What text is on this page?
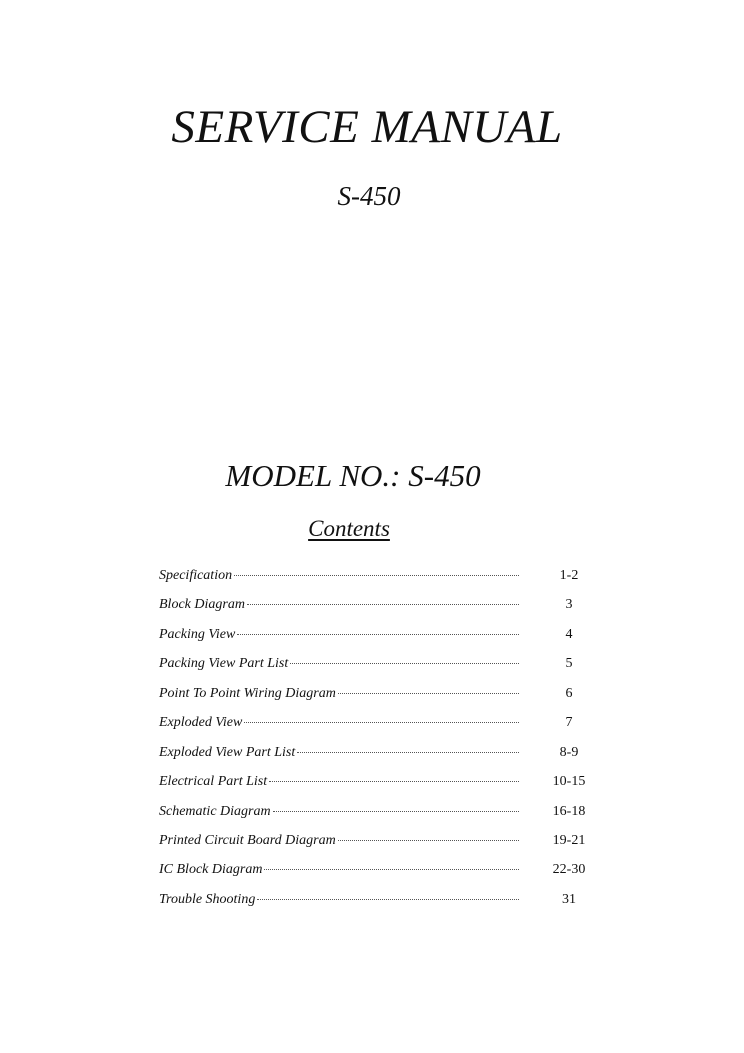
SERVICE MANUAL
S-450
MODEL NO.: S-450
Contents
Specification	1-2
Block Diagram	3
Packing View	4
Packing View Part List	5
Point To Point Wiring Diagram	6
Exploded View	7
Exploded View Part List	8-9
Electrical Part List	10-15
Schematic Diagram	16-18
Printed Circuit Board Diagram	19-21
IC Block Diagram	22-30
Trouble Shooting	31
